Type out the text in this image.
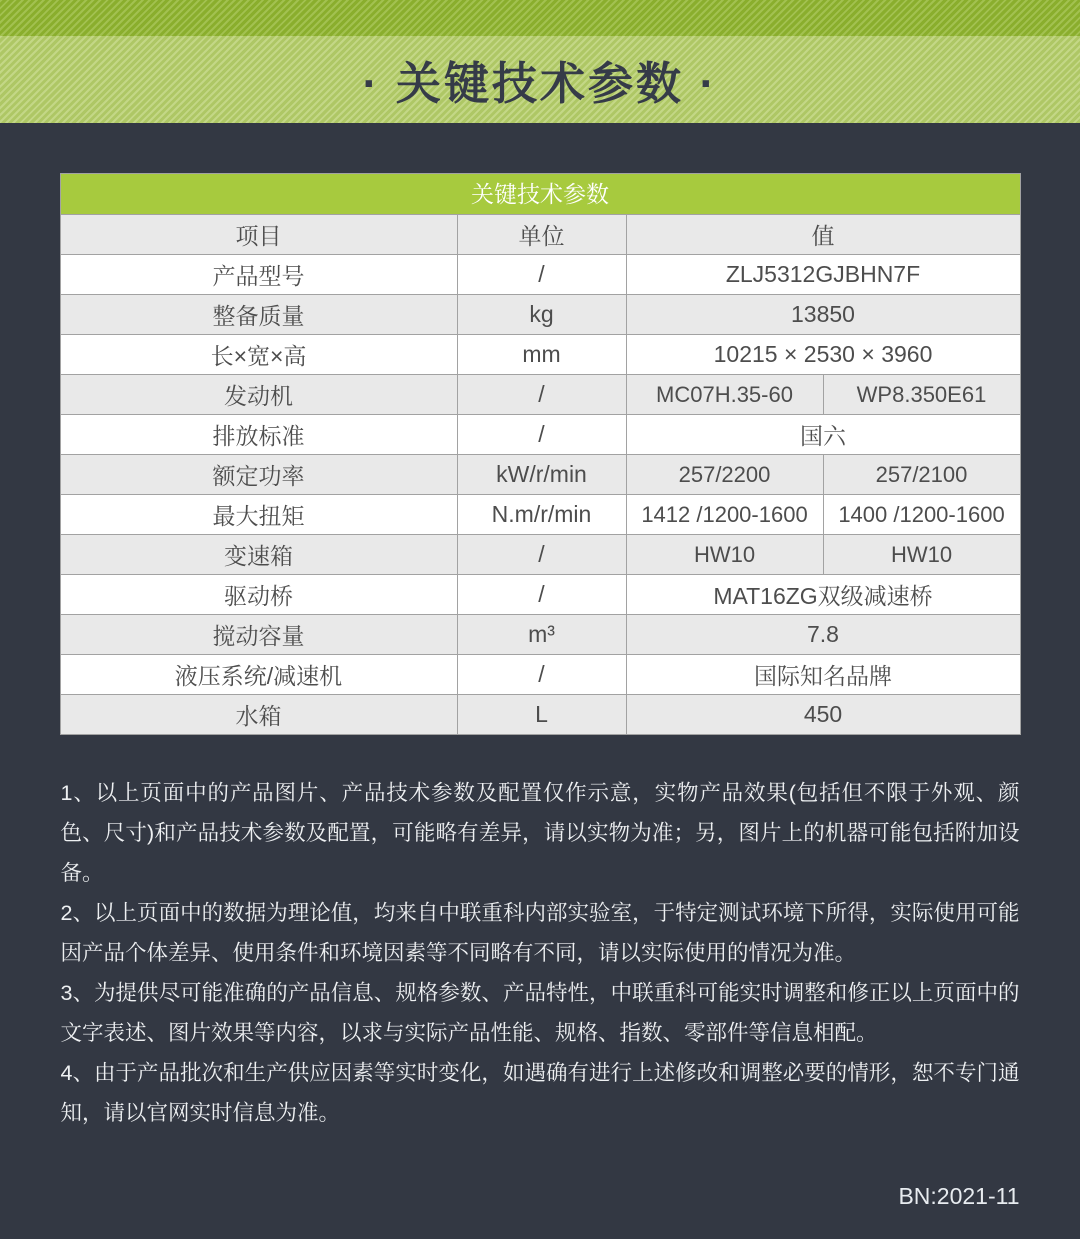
· 关键技术参数 ·
关键技术参数
项目	单位	值
产品型号	/	ZLJ5312GJBHN7F
整备质量	kg	13850
长×宽×高	mm	10215 × 2530 × 3960
发动机	/	MC07H.35-60	WP8.350E61
排放标准	/	国六
额定功率	kW/r/min	257/2200	257/2100
最大扭矩	N.m/r/min	1412 /1200-1600	1400 /1200-1600
变速箱	/	HW10	HW10
驱动桥	/	MAT16ZG双级减速桥
搅动容量	m³	7.8
液压系统/减速机	/	国际知名品牌
水箱	L	450

1、以上页面中的产品图片、产品技术参数及配置仅作示意，实物产品效果(包括但不限于外观、颜色、尺寸)和产品技术参数及配置，可能略有差异，请以实物为准；另，图片上的机器可能包括附加设备。

2、以上页面中的数据为理论值，均来自中联重科内部实验室，于特定测试环境下所得，实际使用可能因产品个体差异、使用条件和环境因素等不同略有不同，请以实际使用的情况为准。

3、为提供尽可能准确的产品信息、规格参数、产品特性，中联重科可能实时调整和修正以上页面中的文字表述、图片效果等内容，以求与实际产品性能、规格、指数、零部件等信息相配。

4、由于产品批次和生产供应因素等实时变化，如遇确有进行上述修改和调整必要的情形，恕不专门通知，请以官网实时信息为准。

BN:2021-11
